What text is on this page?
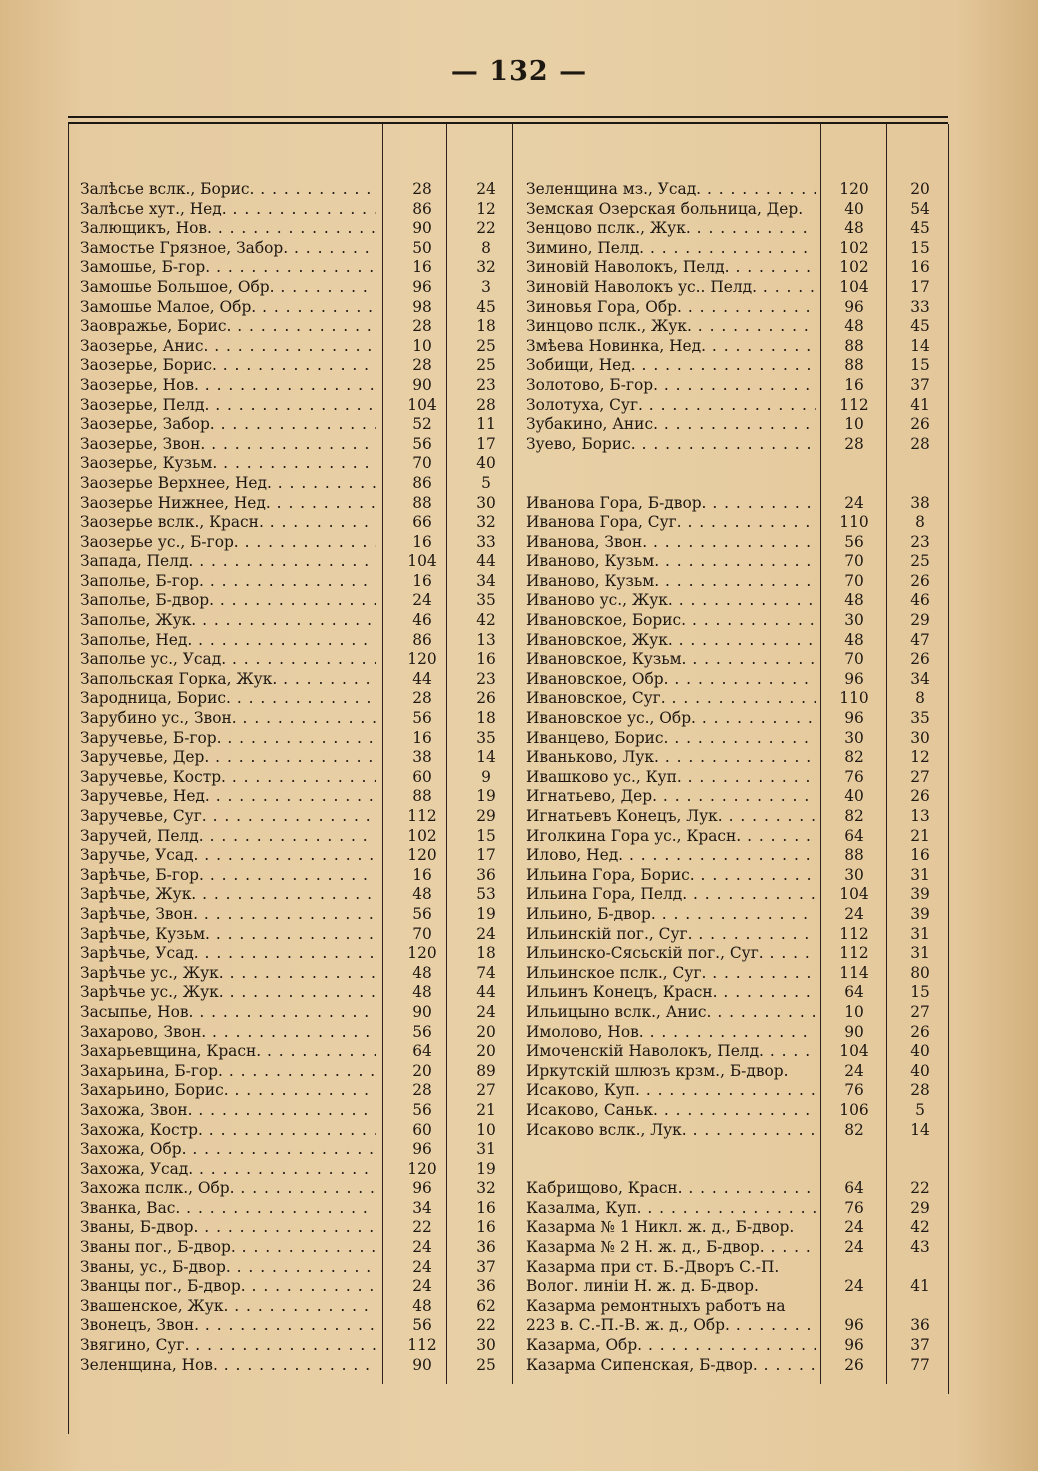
— 132 —
Залѣсье вслк., Борис. . . .	28	24
Залѣсье хут., Нед. . . .	86	12
Залющикъ, Нов. . . .	90	22
Замостье Грязное, Забор. . . .	50	8
Замошье, Б-гор. . . .	16	32
Замошье Большое, Обр. . . .	96	3
Замошье Малое, Обр. . . .	98	45
Заовражье, Борис. . . .	28	18
Заозерье, Анис. . . .	10	25
Заозерье, Борис. . . .	28	25
Заозерье, Нов. . . .	90	23
Заозерье, Пелд. . . .	104	28
Заозерье, Забор. . . .	52	11
Заозерье, Звон. . . .	56	17
Заозерье, Кузьм. . . .	70	40
Заозерье Верхнее, Нед. . . .	86	5
Заозерье Нижнее, Нед. . . .	88	30
Заозерье вслк., Красн. . . .	66	32
Заозерье ус., Б-гор. . . .	16	33
Запада, Пелд. . . .	104	44
Заполье, Б-гор. . . .	16	34
Заполье, Б-двор. . . .	24	35
Заполье, Жук. . . .	46	42
Заполье, Нед. . . .	86	13
Заполье ус., Усад. . . .	120	16
Запольская Горка, Жук. . . .	44	23
Зародница, Борис. . . .	28	26
Зарубино ус., Звон. . . .	56	18
Заручевье, Б-гор. . . .	16	35
Заручевье, Дер. . . .	38	14
Заручевье, Костр. . . .	60	9
Заручевье, Нед. . . .	88	19
Заручевье, Суг. . . .	112	29
Заручей, Пелд. . . .	102	15
Заручье, Усад. . . .	120	17
Зарѣчье, Б-гор. . . .	16	36
Зарѣчье, Жук. . . .	48	53
Зарѣчье, Звон. . . .	56	19
Зарѣчье, Кузьм. . . .	70	24
Зарѣчье, Усад. . . .	120	18
Зарѣчье ус., Жук. . . .	48	74
Зарѣчье ус., Жук. . . .	48	44
Засыпье, Нов. . . .	90	24
Захарово, Звон. . . .	56	20
Захарьевщина, Красн. . . .	64	20
Захарьина, Б-гор. . . .	20	89
Захарьино, Борис. . . .	28	27
Захожа, Звон. . . .	56	21
Захожа, Костр. . . .	60	10
Захожа, Обр. . . .	96	31
Захожа, Усад. . . .	120	19
Захожа пслк., Обр. . . .	96	32
Званка, Вас. . . .	34	16
Званы, Б-двор. . . .	22	16
Званы пог., Б-двор. . . .	24	36
Званы, ус., Б-двор. . . .	24	37
Званцы пог., Б-двор. . . .	24	36
Звашенское, Жук. . . .	48	62
Звонецъ, Звон. . . .	56	22
Звягино, Суг. . . .	112	30
Зеленщина, Нов. . . .	90	25
Зеленщина мз., Усад. . . .	120	20
Земская Озерская больница, Дер.	40	54
Зенцово пслк., Жук. . . .	48	45
Зимино, Пелд. . . .	102	15
Зиновій Наволокъ, Пелд. . . .	102	16
Зиновій Наволокъ ус.. Пелд. . . .	104	17
Зиновья Гора, Обр. . . .	96	33
Зинцово пслк., Жук. . . .	48	45
Змѣева Новинка, Нед. . . .	88	14
Зобищи, Нед. . . .	88	15
Золотово, Б-гор. . . .	16	37
Золотуха, Суг. . . .	112	41
Зубакино, Анис. . . .	10	26
Зуево, Борис. . . .	28	28
Иванова Гора, Б-двор. . . .	24	38
Иванова Гора, Суг. . . .	110	8
Иванова, Звон. . . .	56	23
Иваново, Кузьм. . . .	70	25
Иваново, Кузьм. . . .	70	26
Иваново ус., Жук. . . .	48	46
Ивановское, Борис. . . .	30	29
Ивановское, Жук. . . .	48	47
Ивановское, Кузьм. . . .	70	26
Ивановское, Обр. . . .	96	34
Ивановское, Суг. . . .	110	8
Ивановское ус., Обр. . . .	96	35
Иванцево, Борис. . . .	30	30
Иваньково, Лук. . . .	82	12
Ивашково ус., Куп. . . .	76	27
Игнатьево, Дер. . . .	40	26
Игнатьевъ Конецъ, Лук. . . .	82	13
Иголкина Гора ус., Красн. . . .	64	21
Илово, Нед. . . .	88	16
Ильина Гора, Борис. . . .	30	31
Ильина Гора, Пелд. . . .	104	39
Ильино, Б-двор. . . .	24	39
Ильинскій пог., Суг. . . .	112	31
Ильинско-Сясьскій пог., Суг. . . .	112	31
Ильинское пслк., Суг. . . .	114	80
Ильинъ Конецъ, Красн. . . .	64	15
Ильицыно вслк., Анис. . . .	10	27
Имолово, Нов. . . .	90	26
Имоченскій Наволокъ, Пелд. . . .	104	40
Иркутскій шлюзъ крзм., Б-двор.	24	40
Исаково, Куп. . . .	76	28
Исаково, Саньк. . . .	106	5
Исаково вслк., Лук. . . .	82	14
Кабрищово, Красн. . . .	64	22
Казалма, Куп. . . .	76	29
Казарма № 1 Никл. ж. д., Б-двор.	24	42
Казарма № 2 Н. ж. д., Б-двор. . . .	24	43
Казарма при ст. Б.-Дворъ С.-П.
Волог. линіи Н. ж. д. Б-двор.	24	41
Казарма ремонтныхъ работъ на
223 в. С.-П.-В. ж. д., Обр. . . .	96	36
Казарма, Обр. . . .	96	37
Казарма Сипенская, Б-двор. . . .	26	77
